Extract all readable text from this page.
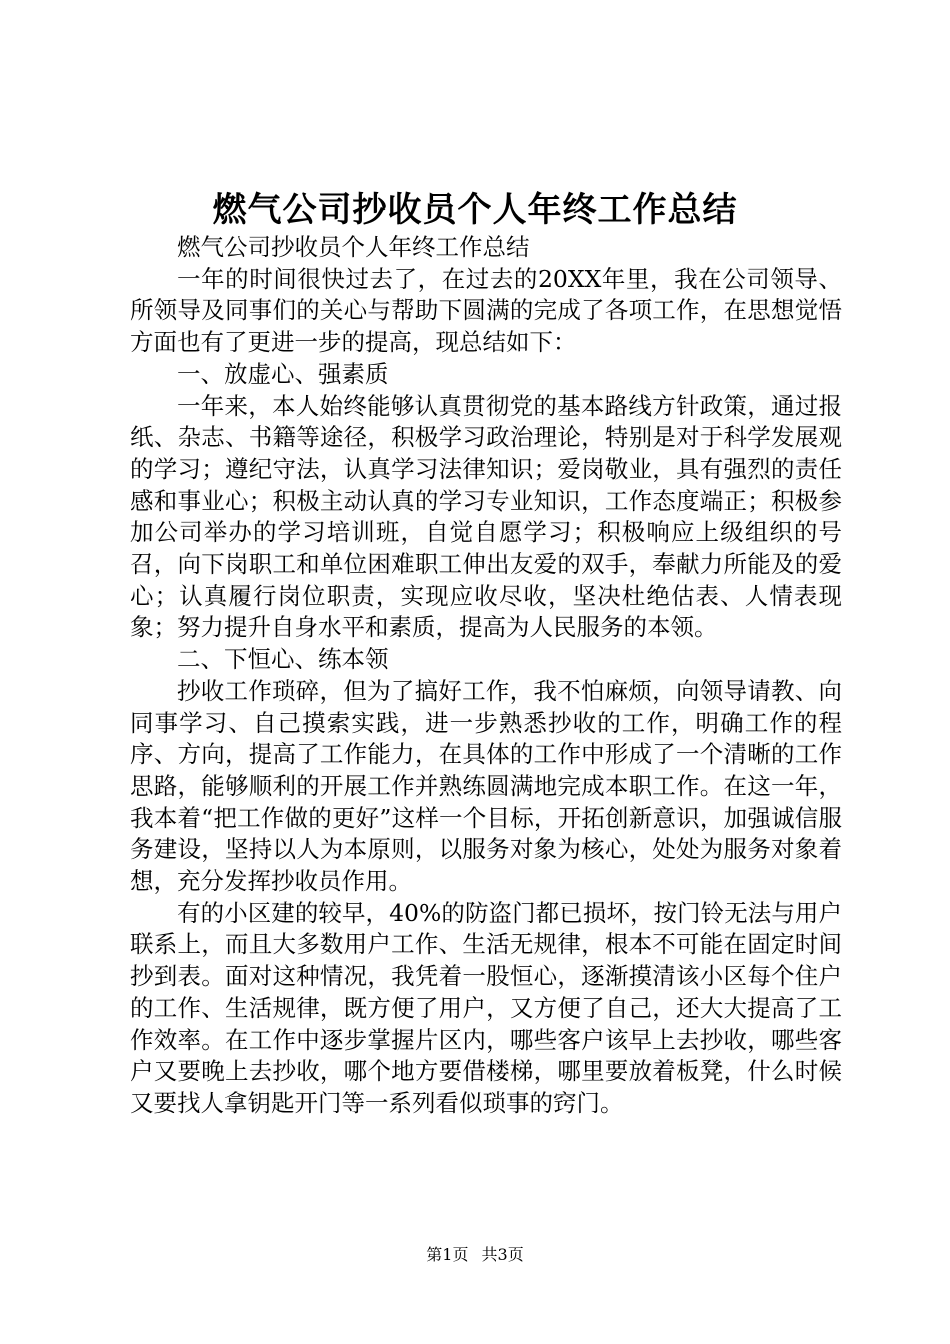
燃气公司抄收员个人年终工作总结

燃气公司抄收员个人年终工作总结

一年的时间很快过去了，在过去的20XX年里，我在公司领导、所领导及同事们的关心与帮助下圆满的完成了各项工作，在思想觉悟方面也有了更进一步的提高，现总结如下：

一、放虚心、强素质

一年来，本人始终能够认真贯彻党的基本路线方针政策，通过报纸、杂志、书籍等途径，积极学习政治理论，特别是对于科学发展观的学习；遵纪守法，认真学习法律知识；爱岗敬业，具有强烈的责任感和事业心；积极主动认真的学习专业知识，工作态度端正；积极参加公司举办的学习培训班，自觉自愿学习；积极响应上级组织的号召，向下岗职工和单位困难职工伸出友爱的双手，奉献力所能及的爱心；认真履行岗位职责，实现应收尽收，坚决杜绝估表、人情表现象；努力提升自身水平和素质，提高为人民服务的本领。

二、下恒心、练本领

抄收工作琐碎，但为了搞好工作，我不怕麻烦，向领导请教、向同事学习、自己摸索实践，进一步熟悉抄收的工作，明确工作的程序、方向，提高了工作能力，在具体的工作中形成了一个清晰的工作思路，能够顺利的开展工作并熟练圆满地完成本职工作。在这一年，我本着“把工作做的更好”这样一个目标，开拓创新意识，加强诚信服务建设，坚持以人为本原则，以服务对象为核心，处处为服务对象着想，充分发挥抄收员作用。

有的小区建的较早，40%的防盗门都已损坏，按门铃无法与用户联系上，而且大多数用户工作、生活无规律，根本不可能在固定时间抄到表。面对这种情况，我凭着一股恒心，逐渐摸清该小区每个住户的工作、生活规律，既方便了用户，又方便了自己，还大大提高了工作效率。在工作中逐步掌握片区内，哪些客户该早上去抄收，哪些客户又要晚上去抄收，哪个地方要借楼梯，哪里要放着板凳，什么时候又要找人拿钥匙开门等一系列看似琐事的窍门。

第1页 共3页
